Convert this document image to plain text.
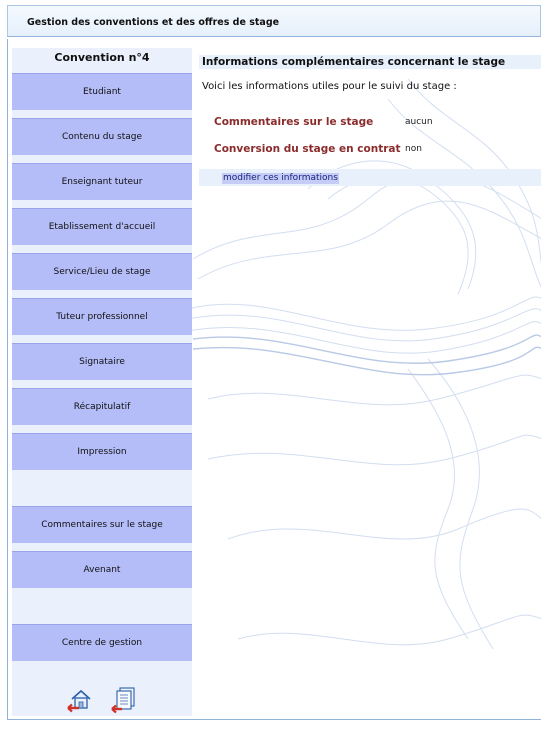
Gestion des conventions et des offres de stage
Convention n°4
Etudiant
Contenu du stage
Enseignant tuteur
Etablissement d'accueil
Service/Lieu de stage
Tuteur professionnel
Signataire
Récapitulatif
Impression
Commentaires sur le stage
Avenant
Centre de gestion
Informations complémentaires concernant le stage
Voici les informations utiles pour le suivi du stage :
Commentaires sur le stage	aucun
Conversion du stage en contrat non
modifier ces informations
